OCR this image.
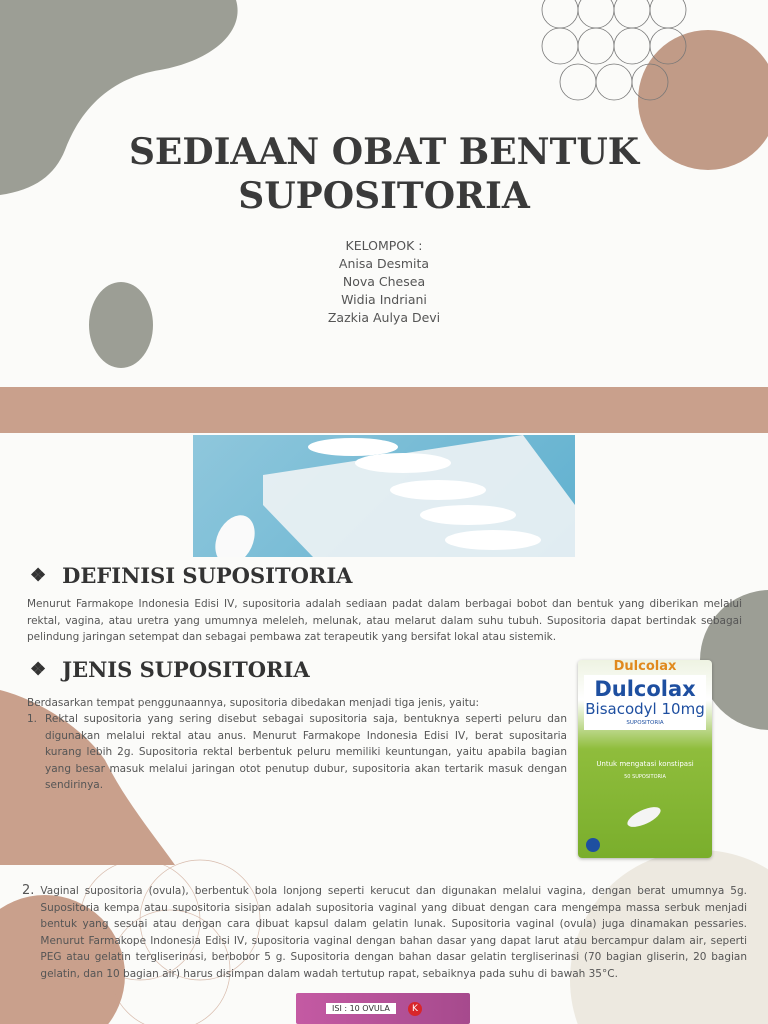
SEDIAAN OBAT BENTUK
SUPOSITORIA
KELOMPOK :
Anisa Desmita
Nova Chesea
Widia Indriani
Zazkia Aulya Devi
❖ DEFINISI SUPOSITORIA
Menurut Farmakope Indonesia Edisi IV, supositoria adalah sediaan padat dalam berbagai bobot dan bentuk yang diberikan melalui rektal, vagina, atau uretra yang umumnya meleleh, melunak, atau melarut dalam suhu tubuh. Supositoria dapat bertindak sebagai pelindung jaringan setempat dan sebagai pembawa zat terapeutik yang bersifat lokal atau sistemik.
❖ JENIS SUPOSITORIA
Berdasarkan tempat penggunaannya, supositoria dibedakan menjadi tiga jenis, yaitu:
1. Rektal supositoria yang sering disebut sebagai supositoria saja, bentuknya seperti peluru dan digunakan melalui rektal atau anus. Menurut Farmakope Indonesia Edisi IV, berat supositaria kurang lebih 2g. Supositoria rektal berbentuk peluru memiliki keuntungan, yaitu apabila bagian yang besar masuk melalui jaringan otot penutup dubur, supositoria akan tertarik masuk dengan sendirinya.
Dulcolax
Dulcolax
Bisacodyl 10mg
SUPOSITORIA
Untuk mengatasi konstipasi
50 SUPOSITORIA
2. Vaginal supositoria (ovula), berbentuk bola lonjong seperti kerucut dan digunakan melalui vagina, dengan berat umumnya 5g. Supositoria kempa atau supositoria sisipan adalah supositoria vaginal yang dibuat dengan cara mengempa massa serbuk menjadi bentuk yang sesuai atau dengan cara dibuat kapsul dalam gelatin lunak. Supositoria vaginal (ovula) juga dinamakan pessaries. Menurut Farmakope Indonesia Edisi IV, supositoria vaginal dengan bahan dasar yang dapat larut atau bercampur dalam air, seperti PEG atau gelatin tergliserinasi, berbobor 5 g. Supositoria dengan bahan dasar gelatin tergliserinasi (70 bagian gliserin, 20 bagian gelatin, dan 10 bagian air) harus disimpan dalam wadah tertutup rapat, sebaiknya pada suhu di bawah 35°C.
ISI : 10 OVULA	K
